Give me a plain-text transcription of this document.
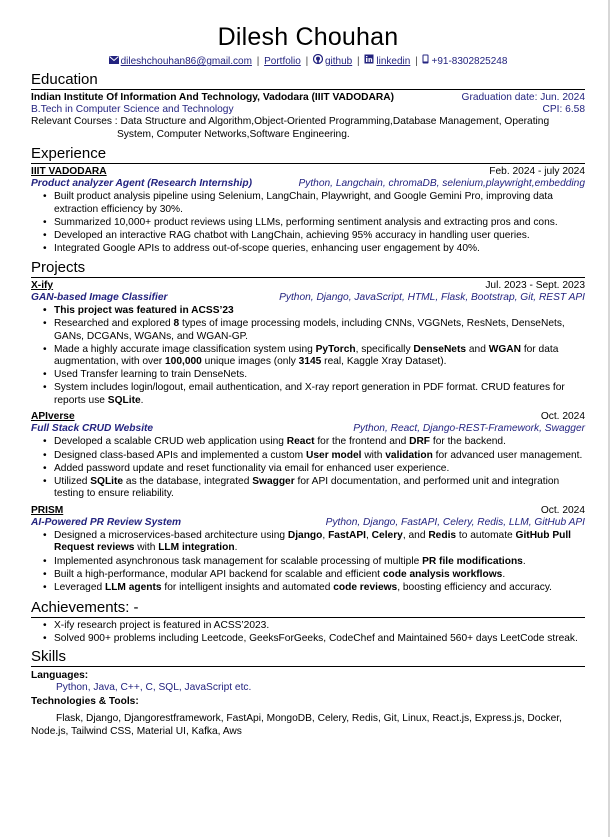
Dilesh Chouhan
dileshchouhan86@gmail.com | Portfolio | github | linkedin | +91-8302825248
Education
Indian Institute Of Information And Technology, Vadodara (IIIT VADODARA)	Graduation date: Jun. 2024
B.Tech in Computer Science and Technology	CPI: 6.58
Relevant Courses : Data Structure and Algorithm,Object-Oriented Programming,Database Management, Operating System, Computer Networks,Software Engineering.
Experience
IIIT VADODARA	Feb. 2024 - july 2024
Product analyzer Agent (Research Internship)	Python, Langchain, chromaDB, selenium,playwright,embedding
• Built product analysis pipeline using Selenium, LangChain, Playwright, and Google Gemini Pro, improving data extraction efficiency by 30%.
• Summarized 10,000+ product reviews using LLMs, performing sentiment analysis and extracting pros and cons.
• Developed an interactive RAG chatbot with LangChain, achieving 95% accuracy in handling user queries.
• Integrated Google APIs to address out-of-scope queries, enhancing user engagement by 40%.
Projects
X-ify	Jul. 2023 - Sept. 2023
GAN-based Image Classifier	Python, Django, JavaScript, HTML, Flask, Bootstrap, Git, REST API
• This project was featured in ACSS’23
• Researched and explored 8 types of image processing models, including CNNs, VGGNets, ResNets, DenseNets, GANs, DCGANs, WGANs, and WGAN-GP.
• Made a highly accurate image classification system using PyTorch, specifically DenseNets and WGAN for data augmentation, with over 100,000 unique images (only 3145 real, Kaggle Xray Dataset).
• Used Transfer learning to train DenseNets.
• System includes login/logout, email authentication, and X-ray report generation in PDF format. CRUD features for reports use SQLite.
APIverse	Oct. 2024
Full Stack CRUD Website	Python, React, Django-REST-Framework, Swagger
• Developed a scalable CRUD web application using React for the frontend and DRF for the backend.
• Designed class-based APIs and implemented a custom User model with validation for advanced user management.
• Added password update and reset functionality via email for enhanced user experience.
• Utilized SQLite as the database, integrated Swagger for API documentation, and performed unit and integration testing to ensure reliability.
PRISM	Oct. 2024
AI-Powered PR Review System	Python, Django, FastAPI, Celery, Redis, LLM, GitHub API
• Designed a microservices-based architecture using Django, FastAPI, Celery, and Redis to automate GitHub Pull Request reviews with LLM integration.
• Implemented asynchronous task management for scalable processing of multiple PR file modifications.
• Built a high-performance, modular API backend for scalable and efficient code analysis workflows.
• Leveraged LLM agents for intelligent insights and automated code reviews, boosting efficiency and accuracy.
Achievements: -
• X-ify research project is featured in ACSS’2023.
• Solved 900+ problems including Leetcode, GeeksForGeeks, CodeChef and Maintained 560+ days LeetCode streak.
Skills
Languages:
Python, Java, C++, C, SQL, JavaScript etc.
Technologies & Tools:
Flask, Django, Djangorestframework, FastApi, MongoDB, Celery, Redis, Git, Linux, React.js, Express.js, Docker, Node.js, Tailwind CSS, Material UI, Kafka, Aws
